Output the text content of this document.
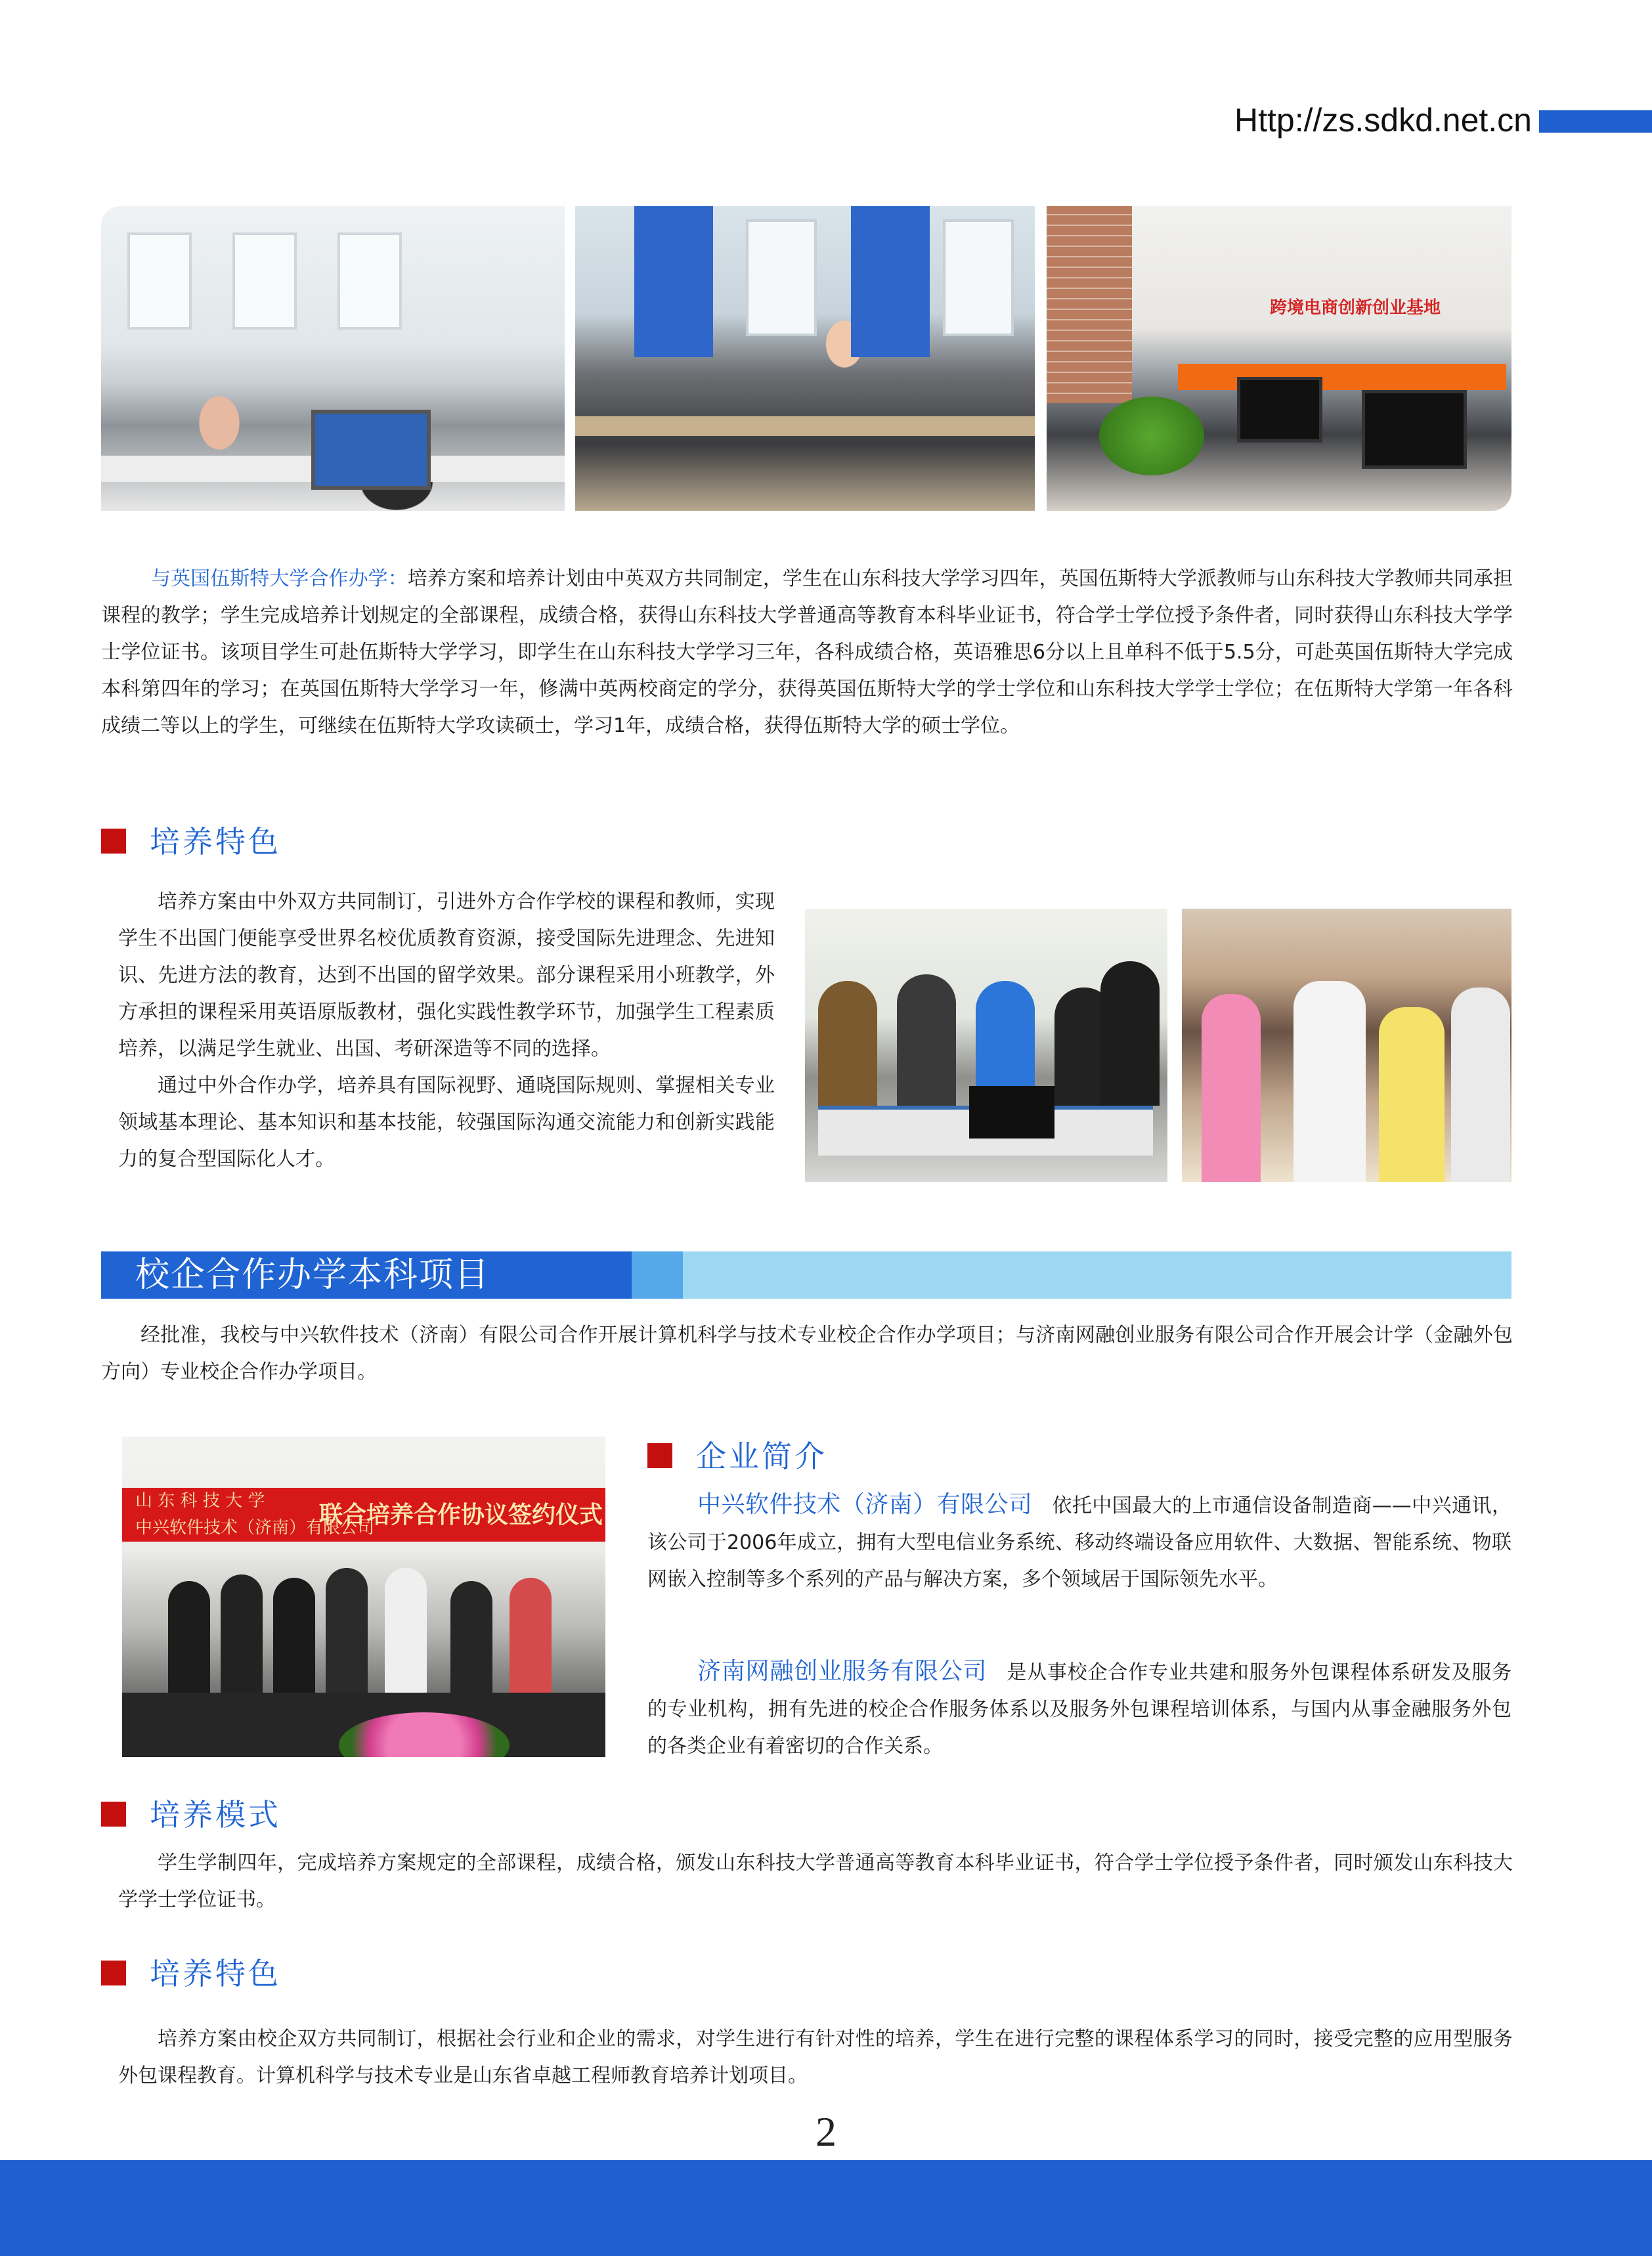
Http://zs.sdkd.net.cn
跨境电商创新创业基地
与英国伍斯特大学合作办学：培养方案和培养计划由中英双方共同制定，学生在山东科技大学学习四年，英国伍斯特大学派教师与山东科技大学教师共同承担课程的教学；学生完成培养计划规定的全部课程，成绩合格，获得山东科技大学普通高等教育本科毕业证书，符合学士学位授予条件者，同时获得山东科技大学学士学位证书。该项目学生可赴伍斯特大学学习，即学生在山东科技大学学习三年，各科成绩合格，英语雅思6分以上且单科不低于5.5分，可赴英国伍斯特大学完成本科第四年的学习；在英国伍斯特大学学习一年，修满中英两校商定的学分，获得英国伍斯特大学的学士学位和山东科技大学学士学位；在伍斯特大学第一年各科成绩二等以上的学生，可继续在伍斯特大学攻读硕士，学习1年，成绩合格，获得伍斯特大学的硕士学位。
培养特色
培养方案由中外双方共同制订，引进外方合作学校的课程和教师，实现学生不出国门便能享受世界名校优质教育资源，接受国际先进理念、先进知识、先进方法的教育，达到不出国的留学效果。部分课程采用小班教学，外方承担的课程采用英语原版教材，强化实践性教学环节，加强学生工程素质培养，以满足学生就业、出国、考研深造等不同的选择。
通过中外合作办学，培养具有国际视野、通晓国际规则、掌握相关专业领域基本理论、基本知识和基本技能，较强国际沟通交流能力和创新实践能力的复合型国际化人才。
校企合作办学本科项目
经批准，我校与中兴软件技术（济南）有限公司合作开展计算机科学与技术专业校企合作办学项目；与济南网融创业服务有限公司合作开展会计学（金融外包方向）专业校企合作办学项目。
山 东 科 技 大 学
中兴软件技术（济南）有限公司
联合培养合作协议签约仪式
企业简介
中兴软件技术（济南）有限公司 依托中国最大的上市通信设备制造商——中兴通讯，该公司于2006年成立，拥有大型电信业务系统、移动终端设备应用软件、大数据、智能系统、物联网嵌入控制等多个系列的产品与解决方案，多个领域居于国际领先水平。
济南网融创业服务有限公司 是从事校企合作专业共建和服务外包课程体系研发及服务的专业机构，拥有先进的校企合作服务体系以及服务外包课程培训体系，与国内从事金融服务外包的各类企业有着密切的合作关系。
培养模式
学生学制四年，完成培养方案规定的全部课程，成绩合格，颁发山东科技大学普通高等教育本科毕业证书，符合学士学位授予条件者，同时颁发山东科技大学学士学位证书。
培养特色
培养方案由校企双方共同制订，根据社会行业和企业的需求，对学生进行有针对性的培养，学生在进行完整的课程体系学习的同时，接受完整的应用型服务外包课程教育。计算机科学与技术专业是山东省卓越工程师教育培养计划项目。
2
